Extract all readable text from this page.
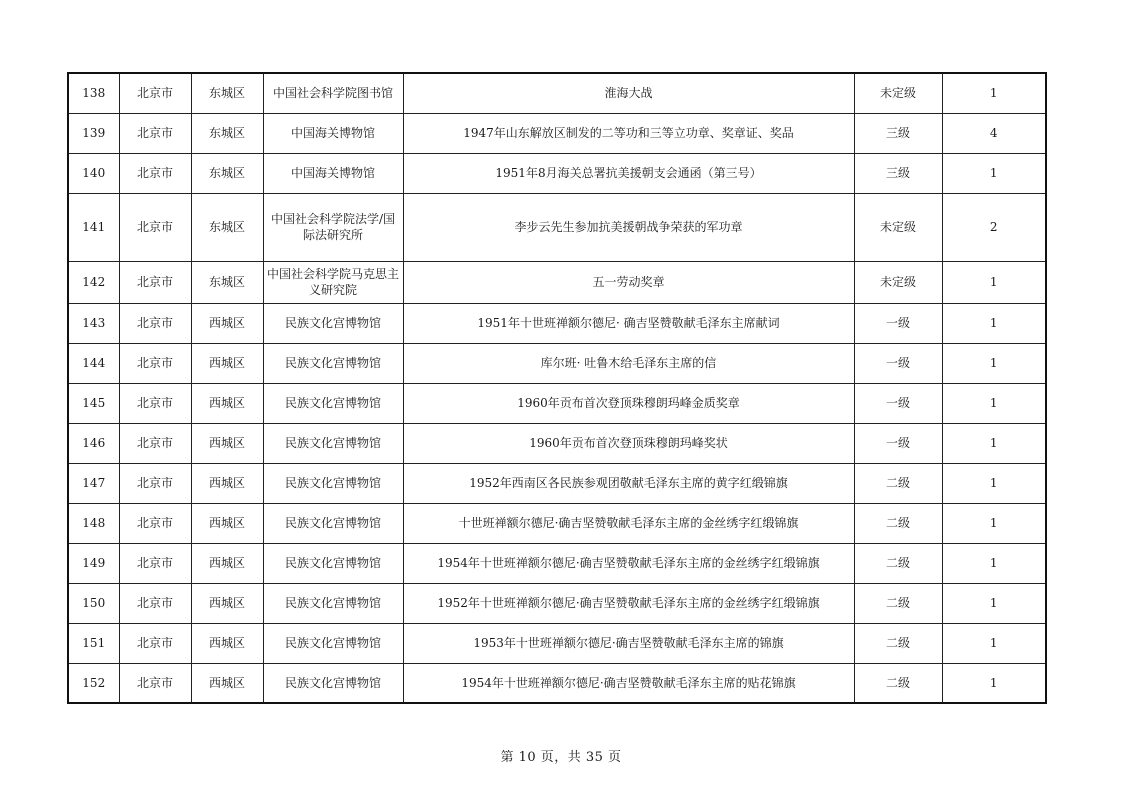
138	北京市	东城区	中国社会科学院图书馆	淮海大战	未定级	1
139	北京市	东城区	中国海关博物馆	1947年山东解放区制发的二等功和三等立功章、奖章证、奖品	三级	4
140	北京市	东城区	中国海关博物馆	1951年8月海关总署抗美援朝支会通函（第三号）	三级	1
141	北京市	东城区	中国社会科学院法学/国际法研究所	李步云先生参加抗美援朝战争荣获的军功章	未定级	2
142	北京市	东城区	中国社会科学院马克思主义研究院	五一劳动奖章	未定级	1
143	北京市	西城区	民族文化宫博物馆	1951年十世班禅额尔德尼· 确吉坚赞敬献毛泽东主席献词	一级	1
144	北京市	西城区	民族文化宫博物馆	库尔班· 吐鲁木给毛泽东主席的信	一级	1
145	北京市	西城区	民族文化宫博物馆	1960年贡布首次登顶珠穆朗玛峰金质奖章	一级	1
146	北京市	西城区	民族文化宫博物馆	1960年贡布首次登顶珠穆朗玛峰奖状	一级	1
147	北京市	西城区	民族文化宫博物馆	1952年西南区各民族参观团敬献毛泽东主席的黄字红缎锦旗	二级	1
148	北京市	西城区	民族文化宫博物馆	十世班禅额尔德尼·确吉坚赞敬献毛泽东主席的金丝绣字红缎锦旗	二级	1
149	北京市	西城区	民族文化宫博物馆	1954年十世班禅额尔德尼·确吉坚赞敬献毛泽东主席的金丝绣字红缎锦旗	二级	1
150	北京市	西城区	民族文化宫博物馆	1952年十世班禅额尔德尼·确吉坚赞敬献毛泽东主席的金丝绣字红缎锦旗	二级	1
151	北京市	西城区	民族文化宫博物馆	1953年十世班禅额尔德尼·确吉坚赞敬献毛泽东主席的锦旗	二级	1
152	北京市	西城区	民族文化宫博物馆	1954年十世班禅额尔德尼·确吉坚赞敬献毛泽东主席的贴花锦旗	二级	1
第 10 页，共 35 页
